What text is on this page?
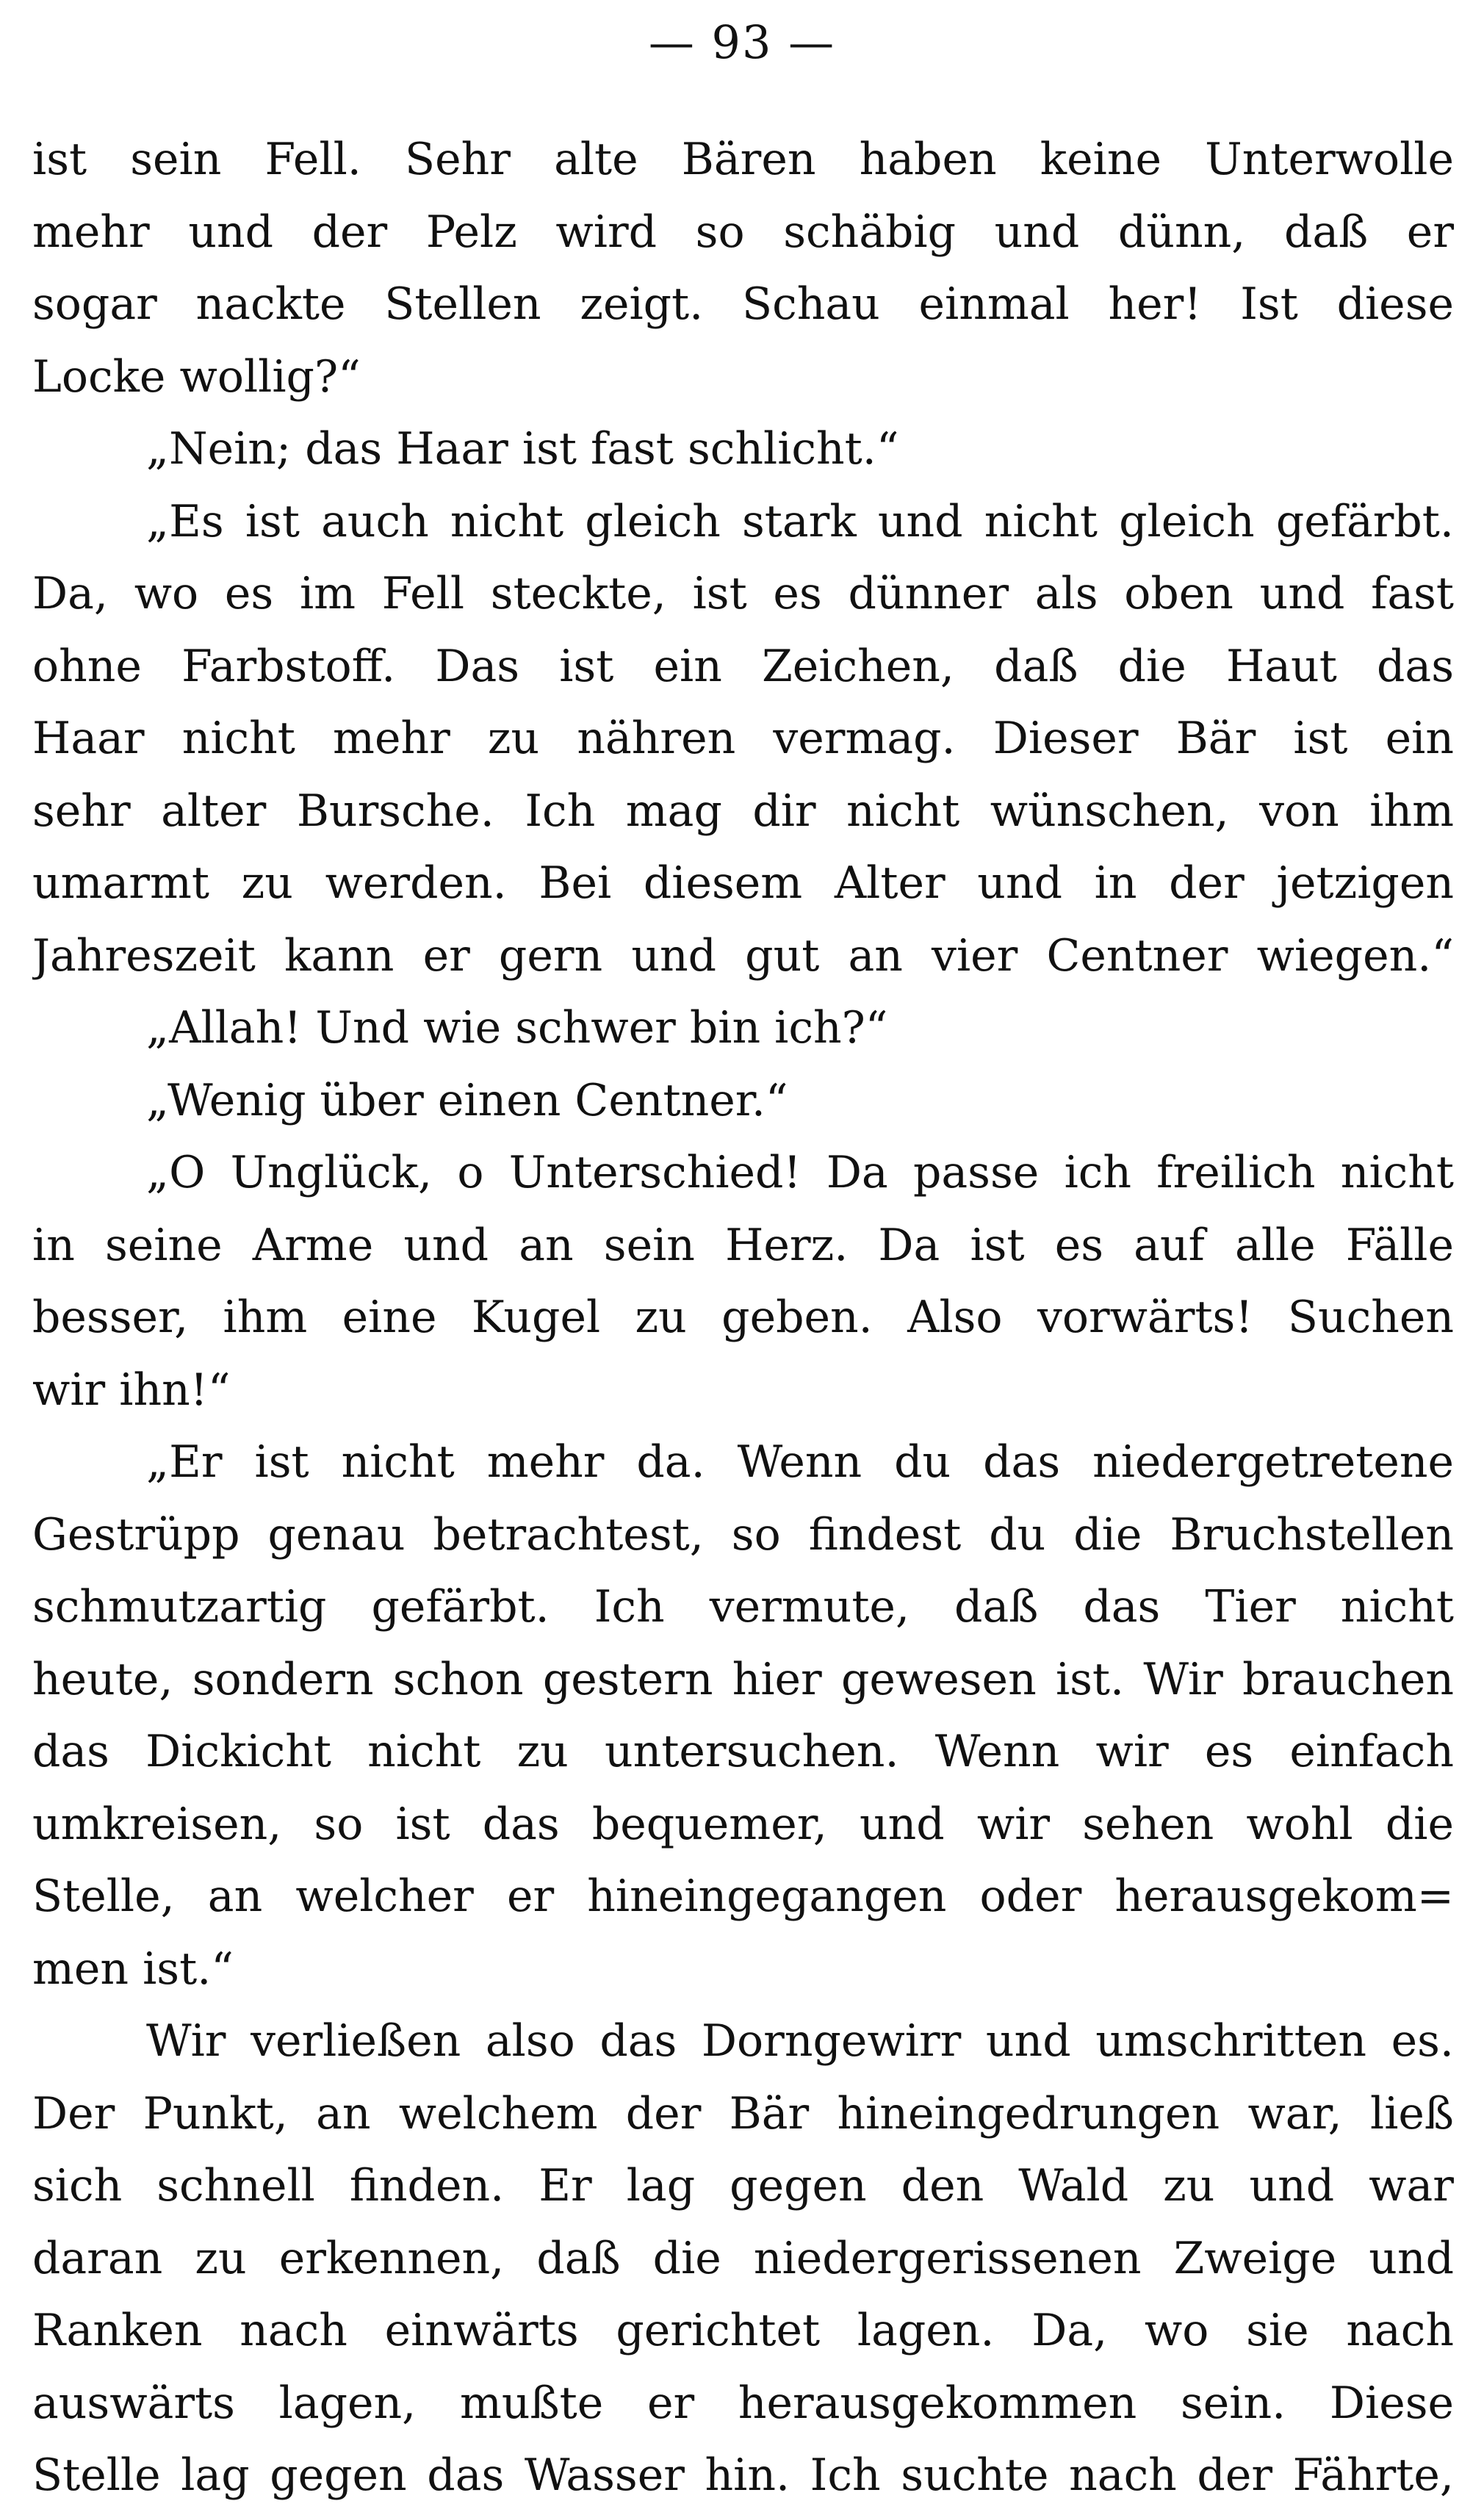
— 93 —
ist sein Fell. Sehr alte Bären haben keine Unterwolle
mehr und der Pelz wird so schäbig und dünn, daß er
sogar nackte Stellen zeigt. Schau einmal her! Ist diese
Locke wollig?“
„Nein; das Haar ist fast schlicht.“
„Es ist auch nicht gleich stark und nicht gleich gefärbt.
Da, wo es im Fell steckte, ist es dünner als oben und fast
ohne Farbstoff. Das ist ein Zeichen, daß die Haut das
Haar nicht mehr zu nähren vermag. Dieser Bär ist ein
sehr alter Bursche. Ich mag dir nicht wünschen, von ihm
umarmt zu werden. Bei diesem Alter und in der jetzigen
Jahreszeit kann er gern und gut an vier Centner wiegen.“
„Allah! Und wie schwer bin ich?“
„Wenig über einen Centner.“
„O Unglück, o Unterschied! Da passe ich freilich nicht
in seine Arme und an sein Herz. Da ist es auf alle Fälle
besser, ihm eine Kugel zu geben. Also vorwärts! Suchen
wir ihn!“
„Er ist nicht mehr da. Wenn du das niedergetretene
Gestrüpp genau betrachtest, so findest du die Bruchstellen
schmutzartig gefärbt. Ich vermute, daß das Tier nicht
heute, sondern schon gestern hier gewesen ist. Wir brauchen
das Dickicht nicht zu untersuchen. Wenn wir es einfach
umkreisen, so ist das bequemer, und wir sehen wohl die
Stelle, an welcher er hineingegangen oder herausgekom=
men ist.“
Wir verließen also das Dorngewirr und umschritten es.
Der Punkt, an welchem der Bär hineingedrungen war, ließ
sich schnell finden. Er lag gegen den Wald zu und war
daran zu erkennen, daß die niedergerissenen Zweige und
Ranken nach einwärts gerichtet lagen. Da, wo sie nach
auswärts lagen, mußte er herausgekommen sein. Diese
Stelle lag gegen das Wasser hin. Ich suchte nach der Fährte,
